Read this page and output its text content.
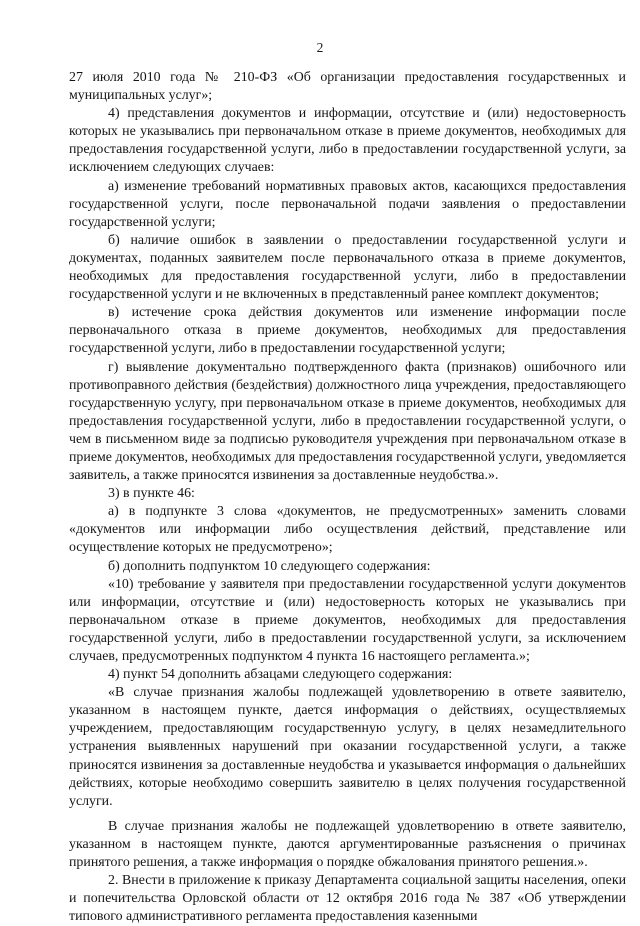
2

27 июля 2010 года № 210-ФЗ «Об организации предоставления государственных и муниципальных услуг»;

4) представления документов и информации, отсутствие и (или) недостоверность которых не указывались при первоначальном отказе в приеме документов, необходимых для предоставления государственной услуги, либо в предоставлении государственной услуги, за исключением следующих случаев:

а) изменение требований нормативных правовых актов, касающихся предоставления государственной услуги, после первоначальной подачи заявления о предоставлении государственной услуги;

б) наличие ошибок в заявлении о предоставлении государственной услуги и документах, поданных заявителем после первоначального отказа в приеме документов, необходимых для предоставления государственной услуги, либо в предоставлении государственной услуги и не включенных в представленный ранее комплект документов;

в) истечение срока действия документов или изменение информации после первоначального отказа в приеме документов, необходимых для предоставления государственной услуги, либо в предоставлении государственной услуги;

г) выявление документально подтвержденного факта (признаков) ошибочного или противоправного действия (бездействия) должностного лица учреждения, предоставляющего государственную услугу, при первоначальном отказе в приеме документов, необходимых для предоставления государственной услуги, либо в предоставлении государственной услуги, о чем в письменном виде за подписью руководителя учреждения при первоначальном отказе в приеме документов, необходимых для предоставления государственной услуги, уведомляется заявитель, а также приносятся извинения за доставленные неудобства.».

3) в пункте 46:

а) в подпункте 3 слова «документов, не предусмотренных» заменить словами «документов или информации либо осуществления действий, представление или осуществление которых не предусмотрено»;

б) дополнить подпунктом 10 следующего содержания:

«10) требование у заявителя при предоставлении государственной услуги документов или информации, отсутствие и (или) недостоверность которых не указывались при первоначальном отказе в приеме документов, необходимых для предоставления государственной услуги, либо в предоставлении государственной услуги, за исключением случаев, предусмотренных подпунктом 4 пункта 16 настоящего регламента.»;

4) пункт 54 дополнить абзацами следующего содержания:

«В случае признания жалобы подлежащей удовлетворению в ответе заявителю, указанном в настоящем пункте, дается информация о действиях, осуществляемых учреждением, предоставляющим государственную услугу, в целях незамедлительного устранения выявленных нарушений при оказании государственной услуги, а также приносятся извинения за доставленные неудобства и указывается информация о дальнейших действиях, которые необходимо совершить заявителю в целях получения государственной услуги.

В случае признания жалобы не подлежащей удовлетворению в ответе заявителю, указанном в настоящем пункте, даются аргументированные разъяснения о причинах принятого решения, а также информация о порядке обжалования принятого решения.».

2. Внести в приложение к приказу Департамента социальной защиты населения, опеки и попечительства Орловской области от 12 октября 2016 года № 387 «Об утверждении типового административного регламента предоставления казенными
